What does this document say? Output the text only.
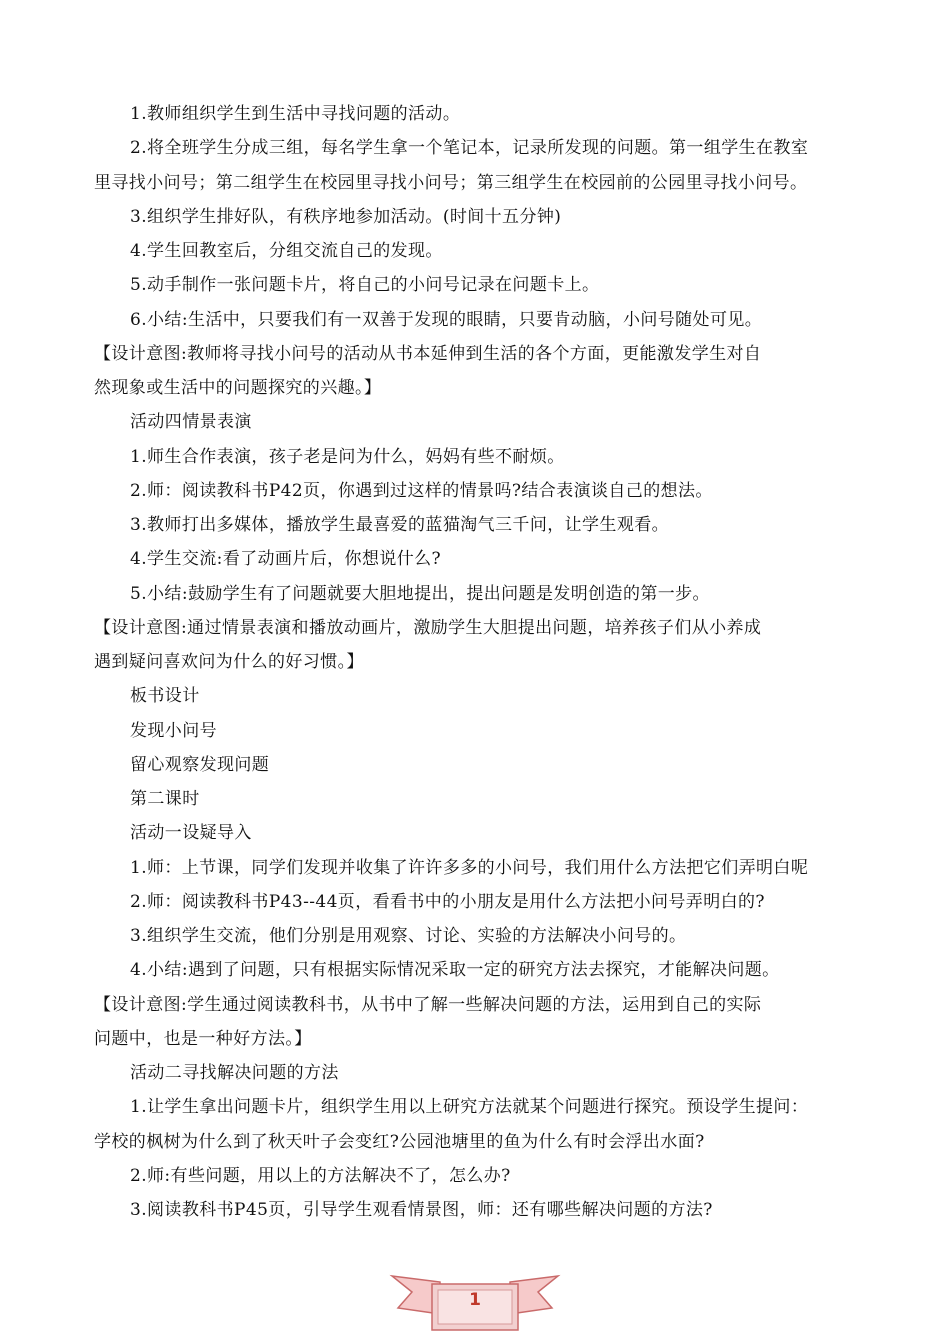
1.教师组织学生到生活中寻找问题的活动。
2.将全班学生分成三组，每名学生拿一个笔记本，记录所发现的问题。第一组学生在教室
里寻找小问号；第二组学生在校园里寻找小问号；第三组学生在校园前的公园里寻找小问号。
3.组织学生排好队，有秩序地参加活动。(时间十五分钟)
4.学生回教室后，分组交流自己的发现。
5.动手制作一张问题卡片，将自己的小问号记录在问题卡上。
6.小结:生活中，只要我们有一双善于发现的眼睛，只要肯动脑，小问号随处可见。
【设计意图:教师将寻找小问号的活动从书本延伸到生活的各个方面，更能激发学生对自
然现象或生活中的问题探究的兴趣。】
活动四情景表演
1.师生合作表演，孩子老是问为什么，妈妈有些不耐烦。
2.师：阅读教科书P42页，你遇到过这样的情景吗?结合表演谈自己的想法。
3.教师打出多媒体，播放学生最喜爱的蓝猫淘气三千问，让学生观看。
4.学生交流:看了动画片后，你想说什么?
5.小结:鼓励学生有了问题就要大胆地提出，提出问题是发明创造的第一步。
【设计意图:通过情景表演和播放动画片，激励学生大胆提出问题，培养孩子们从小养成
遇到疑问喜欢问为什么的好习惯。】
板书设计
发现小问号
留心观察发现问题
第二课时
活动一设疑导入
1.师：上节课，同学们发现并收集了许许多多的小问号，我们用什么方法把它们弄明白呢
2.师：阅读教科书P43--44页，看看书中的小朋友是用什么方法把小问号弄明白的?
3.组织学生交流，他们分别是用观察、讨论、实验的方法解决小问号的。
4.小结:遇到了问题，只有根据实际情况采取一定的研究方法去探究，才能解决问题。
【设计意图:学生通过阅读教科书，从书中了解一些解决问题的方法，运用到自己的实际
问题中，也是一种好方法。】
活动二寻找解决问题的方法
1.让学生拿出问题卡片，组织学生用以上研究方法就某个问题进行探究。预设学生提问：
学校的枫树为什么到了秋天叶子会变红?公园池塘里的鱼为什么有时会浮出水面?
2.师:有些问题，用以上的方法解决不了，怎么办?
3.阅读教科书P45页，引导学生观看情景图，师：还有哪些解决问题的方法?
1
